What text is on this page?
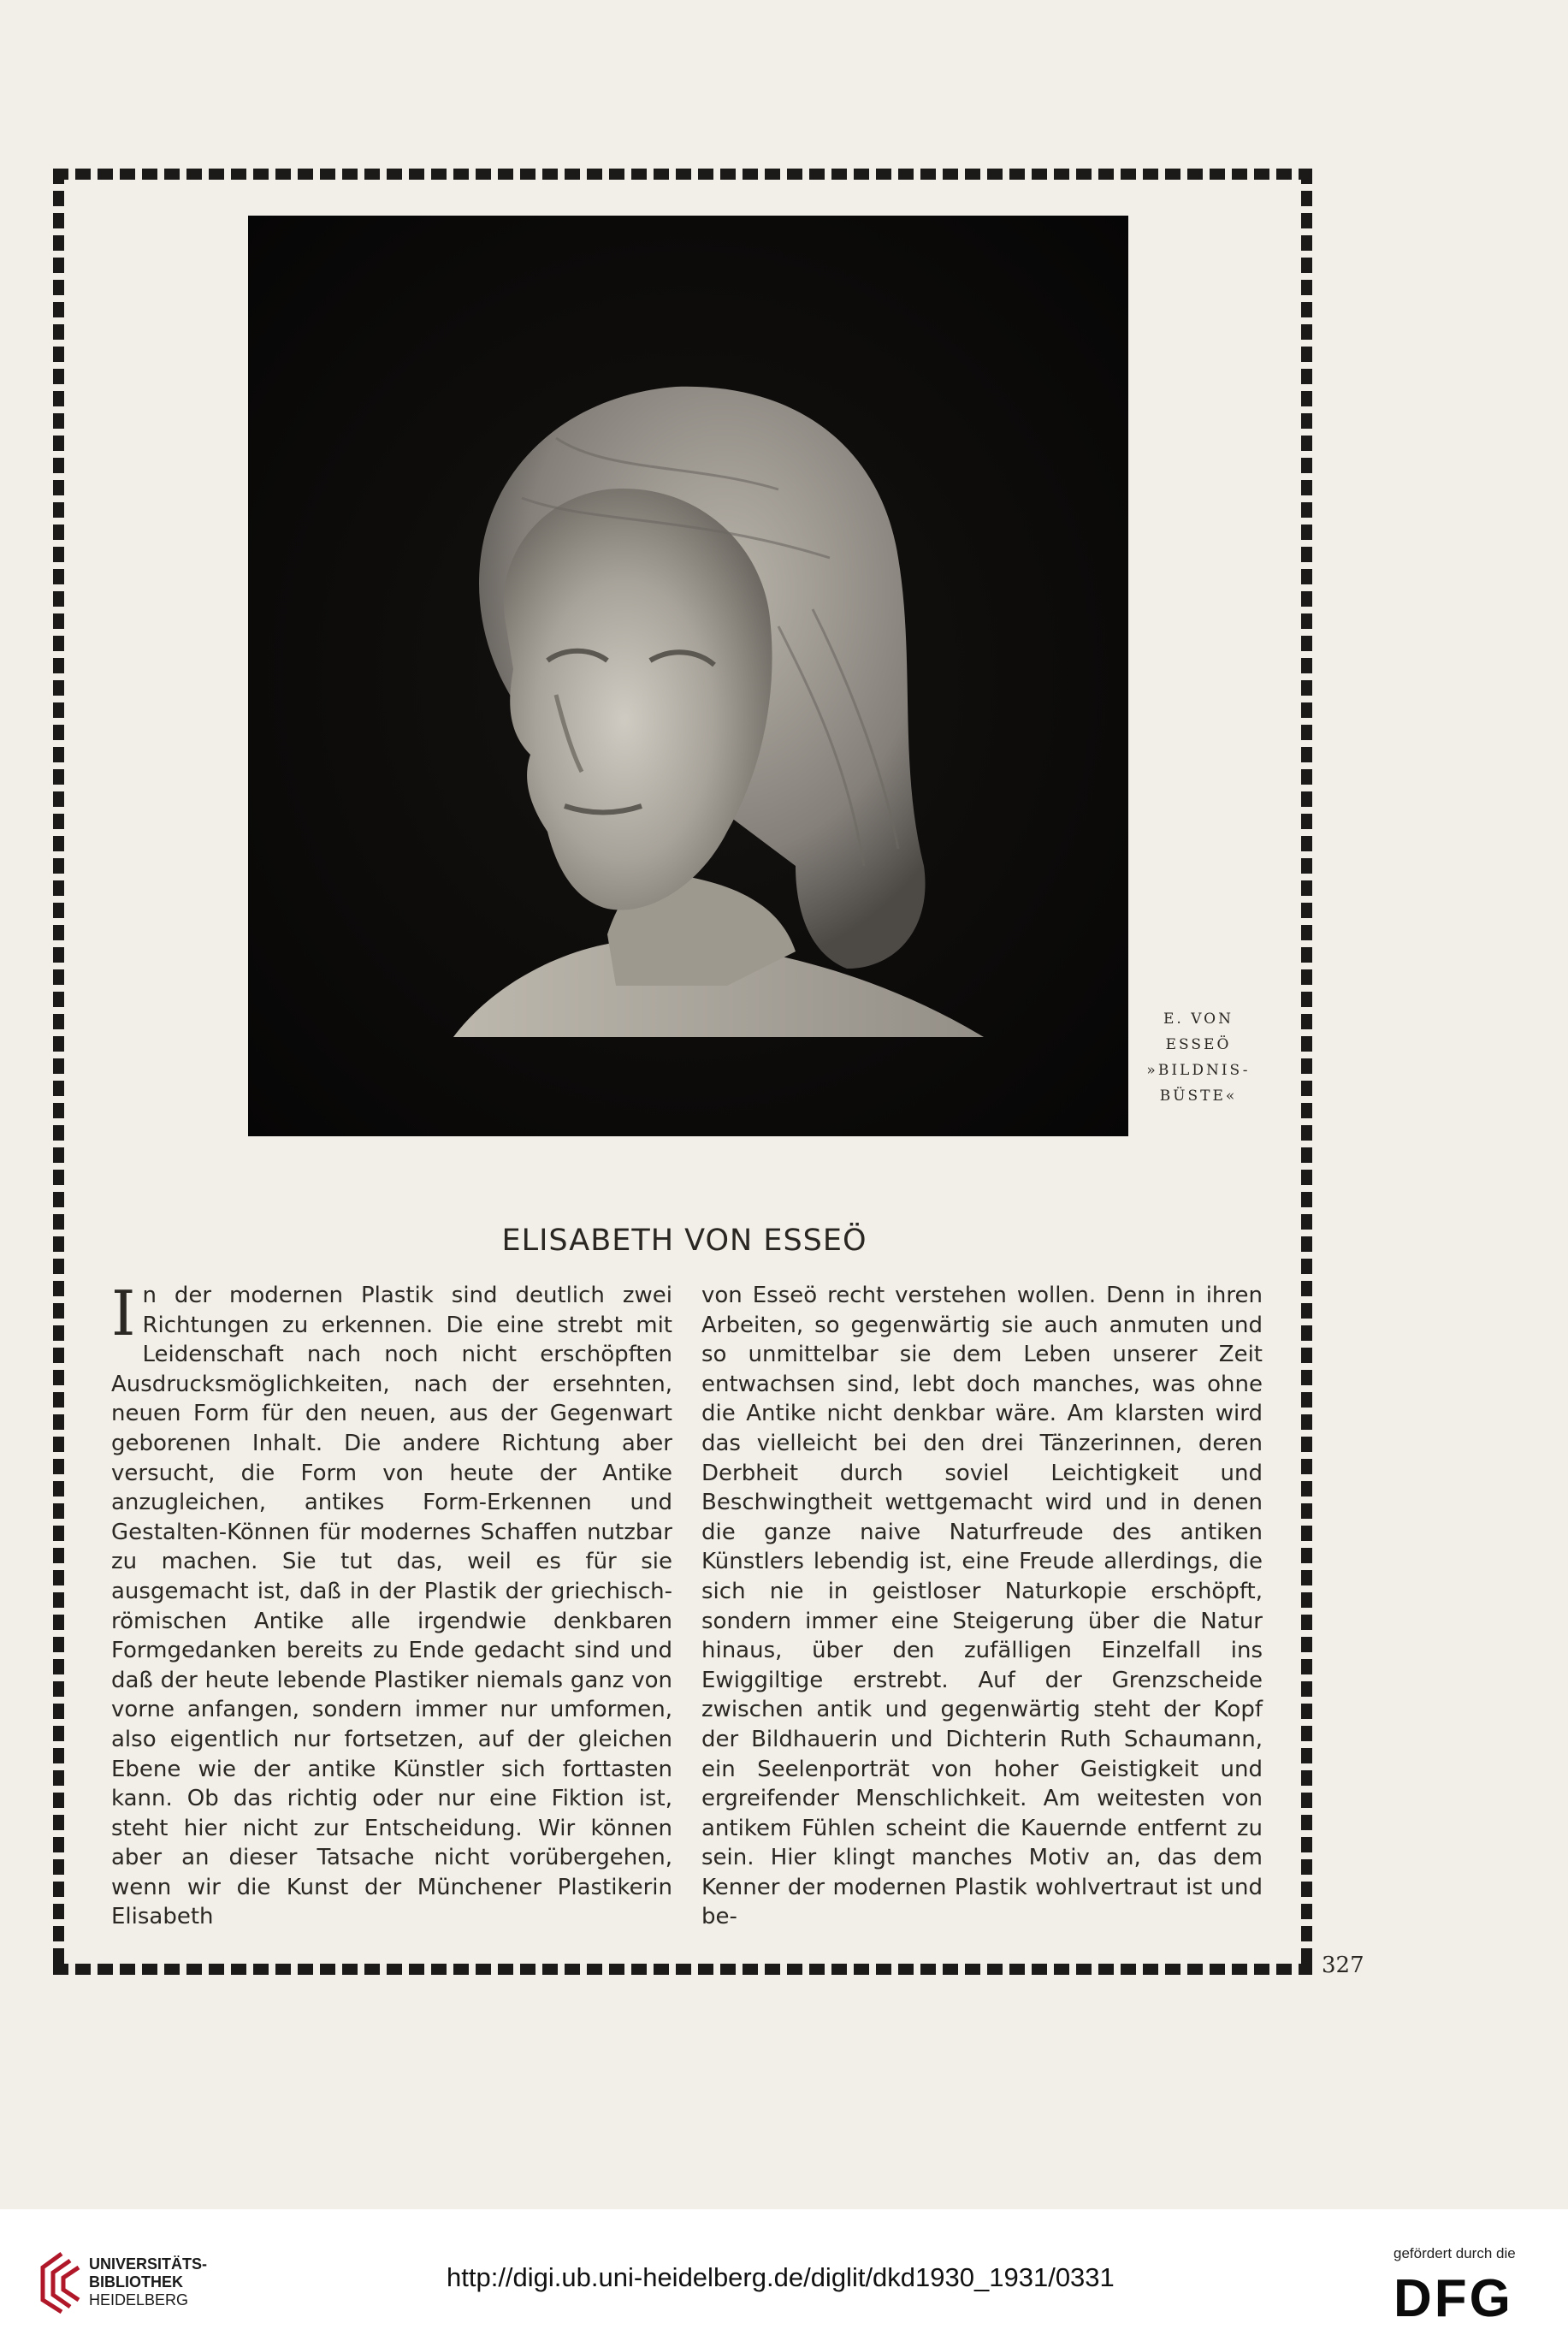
E. VON
ESSEÖ
»BILDNIS-
BÜSTE«
ELISABETH VON ESSEÖ

In der modernen Plastik sind deutlich zwei Richtungen zu erkennen. Die eine strebt mit Leidenschaft nach noch nicht erschöpften Ausdrucksmöglichkeiten, nach der ersehnten, neuen Form für den neuen, aus der Gegenwart geborenen Inhalt. Die andere Richtung aber versucht, die Form von heute der Antike anzugleichen, antikes Form-Erkennen und Gestalten-Können für modernes Schaffen nutzbar zu machen. Sie tut das, weil es für sie ausgemacht ist, daß in der Plastik der griechisch-römischen Antike alle irgendwie denkbaren Formgedanken bereits zu Ende gedacht sind und daß der heute lebende Plastiker niemals ganz von vorne anfangen, sondern immer nur umformen, also eigentlich nur fortsetzen, auf der gleichen Ebene wie der antike Künstler sich forttasten kann. Ob das richtig oder nur eine Fiktion ist, steht hier nicht zur Entscheidung. Wir können aber an dieser Tatsache nicht vorübergehen, wenn wir die Kunst der Münchener Plastikerin Elisabeth

von Esseö recht verstehen wollen. Denn in ihren Arbeiten, so gegenwärtig sie auch anmuten und so unmittelbar sie dem Leben unserer Zeit entwachsen sind, lebt doch manches, was ohne die Antike nicht denkbar wäre. Am klarsten wird das vielleicht bei den drei Tänzerinnen, deren Derbheit durch soviel Leichtigkeit und Beschwingtheit wettgemacht wird und in denen die ganze naive Naturfreude des antiken Künstlers lebendig ist, eine Freude allerdings, die sich nie in geistloser Naturkopie erschöpft, sondern immer eine Steigerung über die Natur hinaus, über den zufälligen Einzelfall ins Ewiggiltige erstrebt. Auf der Grenzscheide zwischen antik und gegenwärtig steht der Kopf der Bildhauerin und Dichterin Ruth Schaumann, ein Seelenporträt von hoher Geistigkeit und ergreifender Menschlichkeit. Am weitesten von antikem Fühlen scheint die Kauernde entfernt zu sein. Hier klingt manches Motiv an, das dem Kenner der modernen Plastik wohlvertraut ist und be-

327
UNIVERSITÄTS-
BIBLIOTHEK
HEIDELBERG
http://digi.ub.uni-heidelberg.de/diglit/dkd1930_1931/0331
gefördert durch die
DFG
